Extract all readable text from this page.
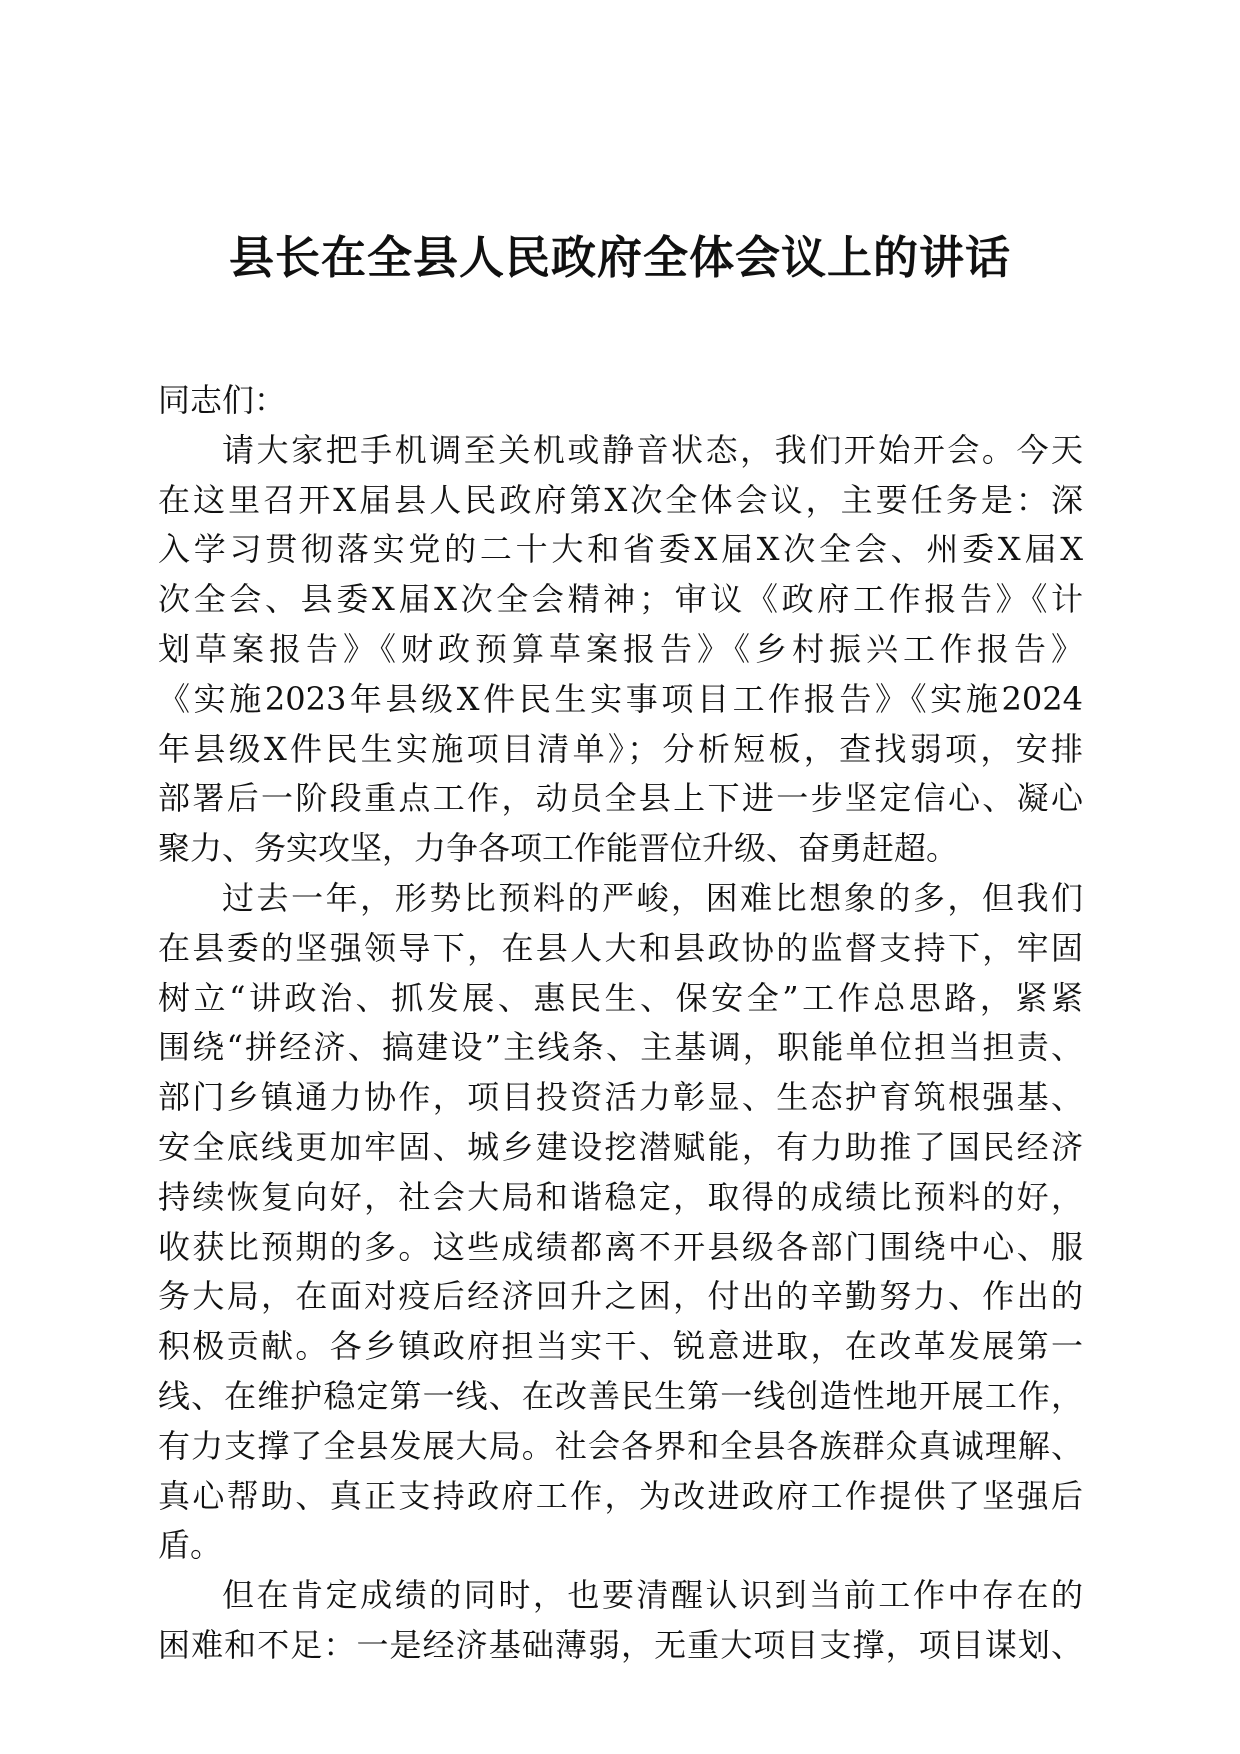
县长在全县人民政府全体会议上的讲话
同志们：
请大家把手机调至关机或静音状态，我们开始开会。今天
在这里召开X届县人民政府第X次全体会议，主要任务是：深
入学习贯彻落实党的二十大和省委X届X次全会、州委X届X
次全会、县委X届X次全会精神；审议《政府工作报告》《计
划草案报告》《财政预算草案报告》《乡村振兴工作报告》
《实施2023年县级X件民生实事项目工作报告》《实施2024
年县级X件民生实施项目清单》；分析短板，查找弱项，安排
部署后一阶段重点工作，动员全县上下进一步坚定信心、凝心
聚力、务实攻坚，力争各项工作能晋位升级、奋勇赶超。
过去一年，形势比预料的严峻，困难比想象的多，但我们
在县委的坚强领导下，在县人大和县政协的监督支持下，牢固
树立“讲政治、抓发展、惠民生、保安全”工作总思路，紧紧
围绕“拼经济、搞建设”主线条、主基调，职能单位担当担责、
部门乡镇通力协作，项目投资活力彰显、生态护育筑根强基、
安全底线更加牢固、城乡建设挖潜赋能，有力助推了国民经济
持续恢复向好，社会大局和谐稳定，取得的成绩比预料的好，
收获比预期的多。这些成绩都离不开县级各部门围绕中心、服
务大局，在面对疫后经济回升之困，付出的辛勤努力、作出的
积极贡献。各乡镇政府担当实干、锐意进取，在改革发展第一
线、在维护稳定第一线、在改善民生第一线创造性地开展工作，
有力支撑了全县发展大局。社会各界和全县各族群众真诚理解、
真心帮助、真正支持政府工作，为改进政府工作提供了坚强后
盾。
但在肯定成绩的同时，也要清醒认识到当前工作中存在的
困难和不足：一是经济基础薄弱，无重大项目支撑，项目谋划、
